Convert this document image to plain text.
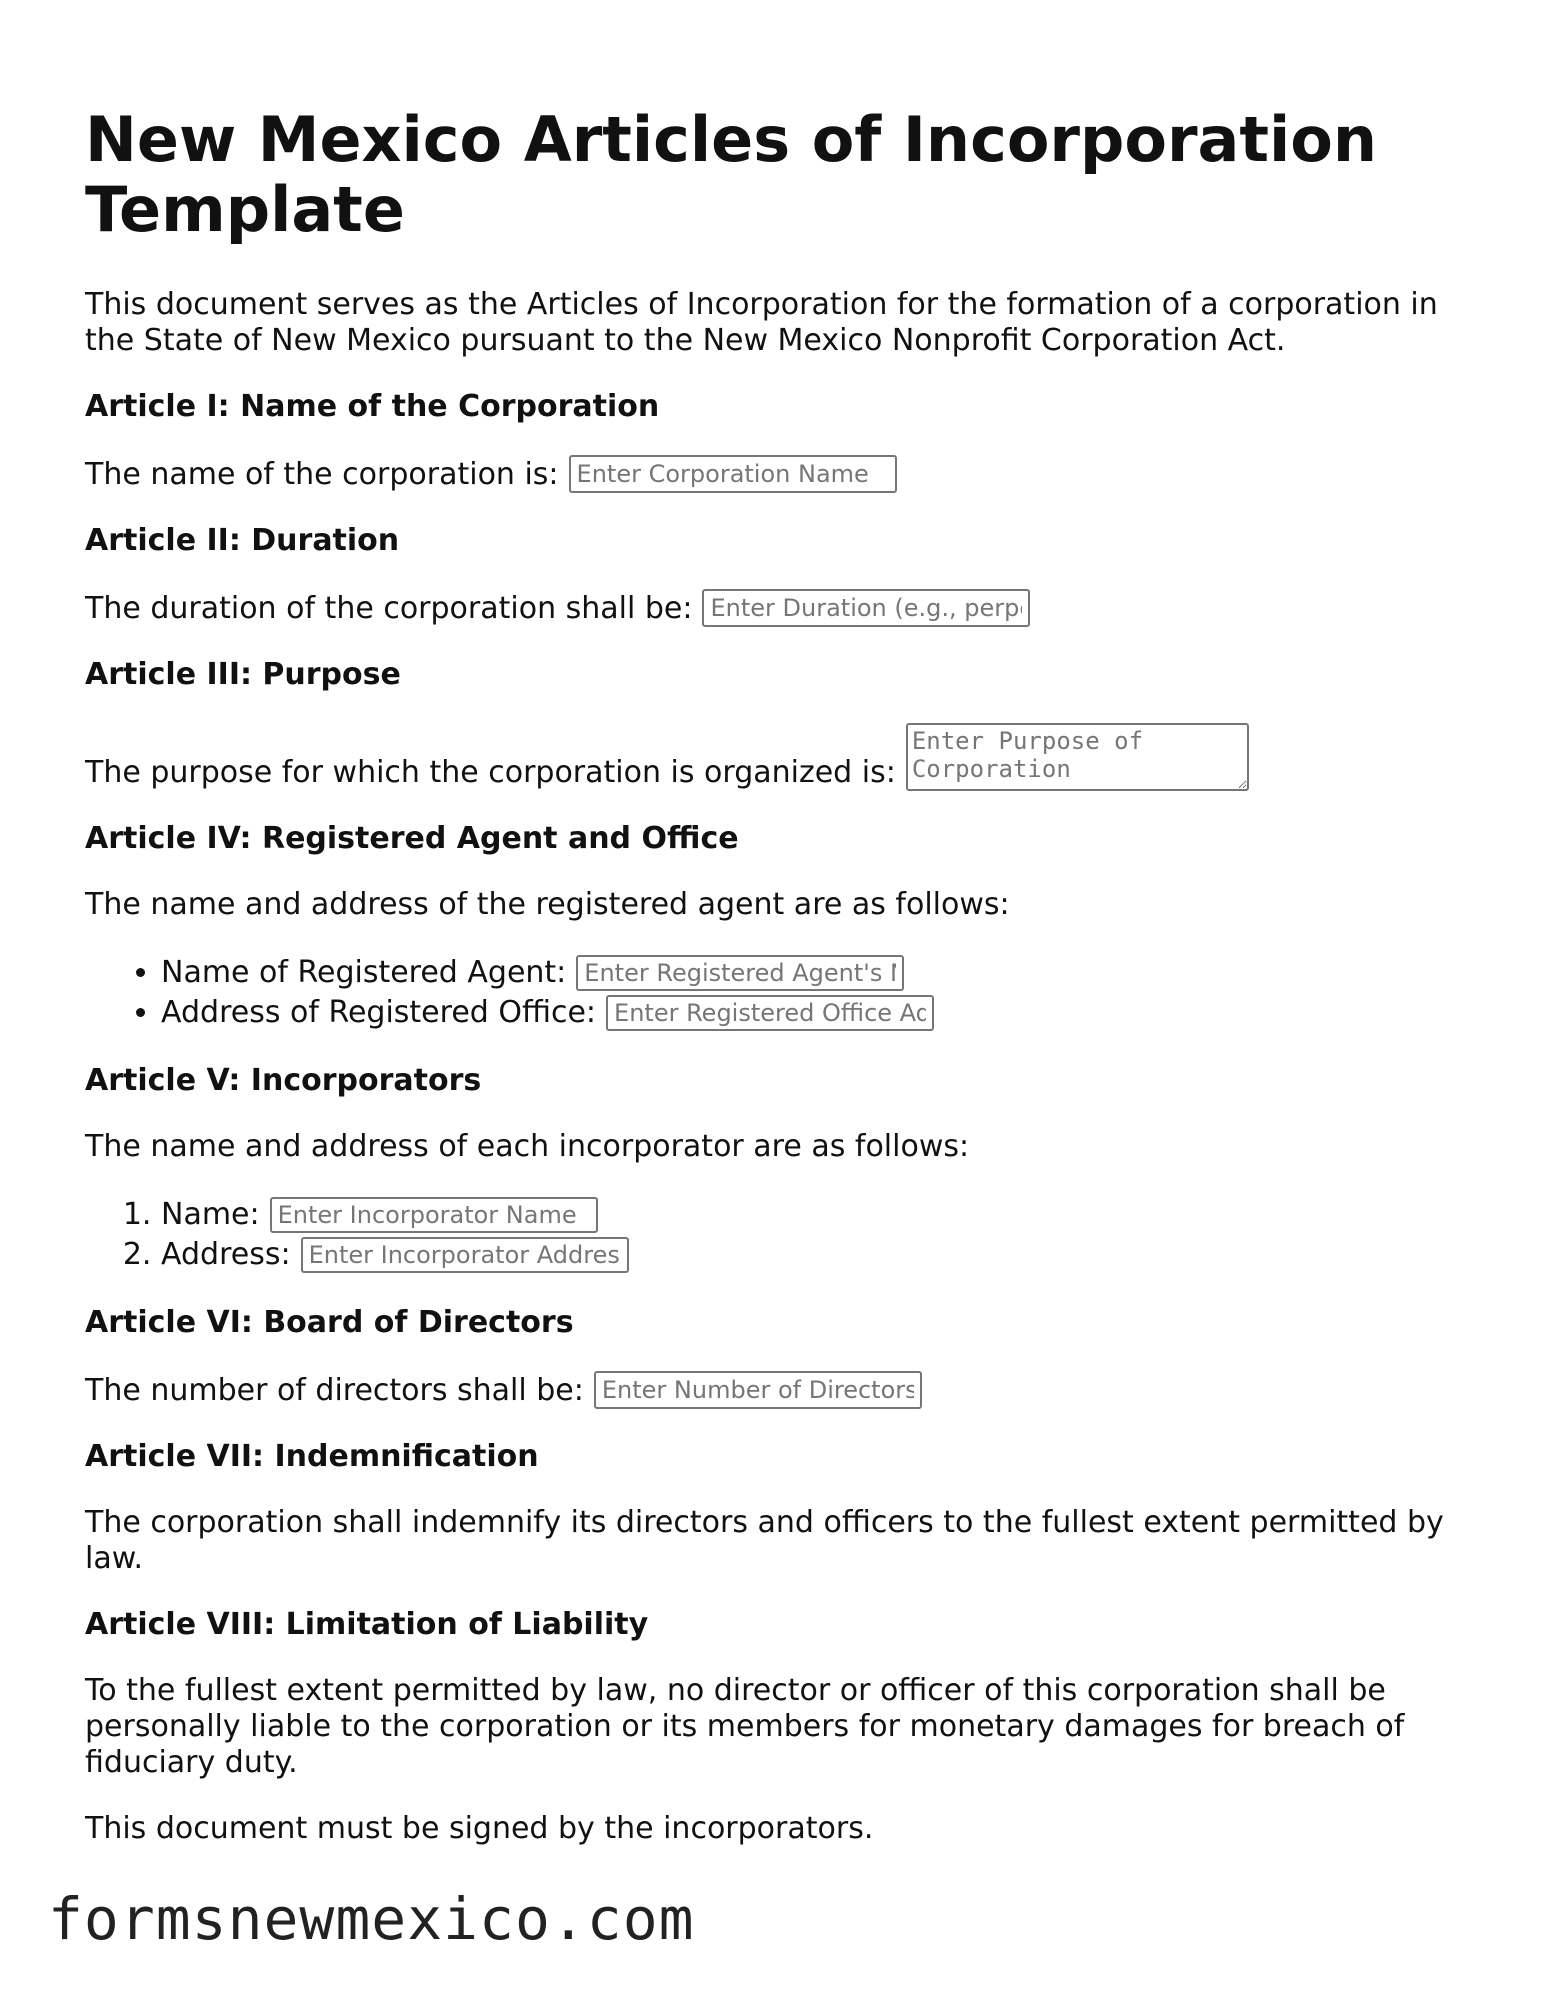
New Mexico Articles of Incorporation Template

This document serves as the Articles of Incorporation for the formation of a corporation in the State of New Mexico pursuant to the New Mexico Nonprofit Corporation Act.

Article I: Name of the Corporation
The name of the corporation is:
Enter Corporation Name
Article II: Duration
The duration of the corporation shall be:
Enter Duration (e.g., perpetual)
Article III: Purpose
The purpose for which the corporation is organized is:
Enter Purpose of Corporation
Article IV: Registered Agent and Office

The name and address of the registered agent are as follows:

• Name of Registered Agent:
Enter Registered Agent's Name
• Address of Registered Office:
Enter Registered Office Address
Article V: Incorporators

The name and address of each incorporator are as follows:

1. Name:
Enter Incorporator Name
2. Address:
Enter Incorporator Address
Article VI: Board of Directors
The number of directors shall be:
Enter Number of Directors
Article VII: Indemnification

The corporation shall indemnify its directors and officers to the fullest extent permitted by law.

Article VIII: Limitation of Liability

To the fullest extent permitted by law, no director or officer of this corporation shall be personally liable to the corporation or its members for monetary damages for breach of fiduciary duty.

This document must be signed by the incorporators.

formsnewmexico.com
